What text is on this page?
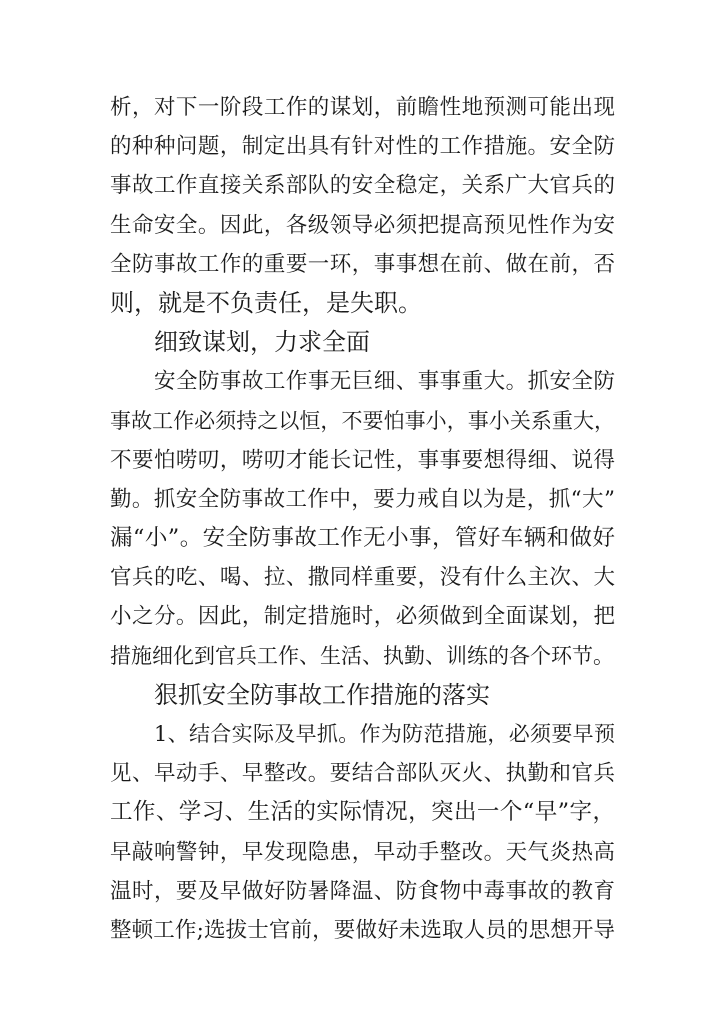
析，对下一阶段工作的谋划，前瞻性地预测可能出现
的种种问题，制定出具有针对性的工作措施。安全防
事故工作直接关系部队的安全稳定，关系广大官兵的
生命安全。因此，各级领导必须把提高预见性作为安
全防事故工作的重要一环，事事想在前、做在前，否
则，就是不负责任，是失职。
细致谋划，力求全面
安全防事故工作事无巨细、事事重大。抓安全防
事故工作必须持之以恒，不要怕事小，事小关系重大，
不要怕唠叨，唠叨才能长记性，事事要想得细、说得
勤。抓安全防事故工作中，要力戒自以为是，抓“大”
漏“小”。安全防事故工作无小事，管好车辆和做好
官兵的吃、喝、拉、撒同样重要，没有什么主次、大
小之分。因此，制定措施时，必须做到全面谋划，把
措施细化到官兵工作、生活、执勤、训练的各个环节。
狠抓安全防事故工作措施的落实
1、结合实际及早抓。作为防范措施，必须要早预
见、早动手、早整改。要结合部队灭火、执勤和官兵
工作、学习、生活的实际情况，突出一个“早”字，
早敲响警钟，早发现隐患，早动手整改。天气炎热高
温时，要及早做好防暑降温、防食物中毒事故的教育
整顿工作;选拔士官前，要做好未选取人员的思想开导
